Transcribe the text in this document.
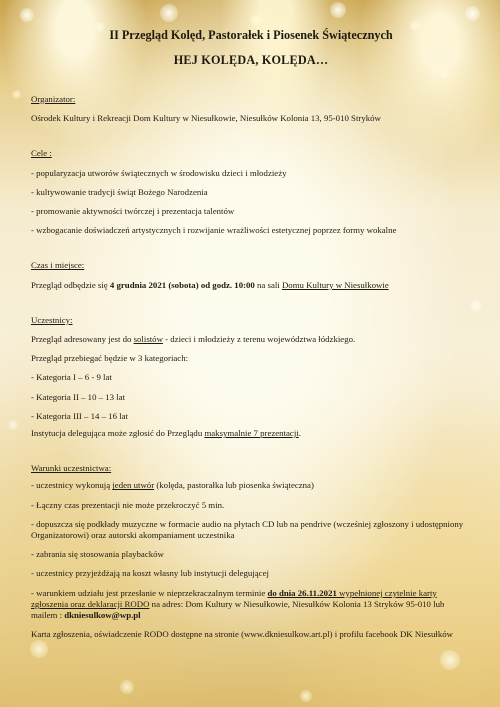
II Przegląd Kolęd, Pastorałek i Piosenek Świątecznych

HEJ KOLĘDA, KOLĘDA…

Organizator:

Ośrodek Kultury i Rekreacji Dom Kultury w Niesułkowie, Niesułków Kolonia 13, 95-010 Stryków

Cele :

- popularyzacja utworów świątecznych w środowisku dzieci i młodzieży

- kultywowanie tradycji świąt Bożego Narodzenia

- promowanie aktywności twórczej i prezentacja talentów

- wzbogacanie doświadczeń artystycznych i rozwijanie wrażliwości estetycznej poprzez formy wokalne

Czas i miejsce:

Przegląd odbędzie się 4 grudnia 2021 (sobota) od godz. 10:00 na sali Domu Kultury w Niesułkowie

Uczestnicy:

Przegląd adresowany jest do solistów - dzieci i młodzieży z terenu województwa łódzkiego.

Przegląd przebiegać będzie w 3 kategoriach:

- Kategoria I – 6 - 9 lat

- Kategoria II – 10 – 13 lat

- Kategoria III – 14 – 16 lat

Instytucja delegująca może zgłosić do Przeglądu maksymalnie 7 prezentacji.

Warunki uczestnictwa:

- uczestnicy wykonują jeden utwór (kolęda, pastorałka lub piosenka świąteczna)

- Łączny czas prezentacji nie może przekroczyć 5 min.

- dopuszcza się podkłady muzyczne w formacie audio na płytach CD lub na pendrive (wcześniej zgłoszony i udostępniony Organizatorowi) oraz autorski akompaniament uczestnika

- zabrania się stosowania playbacków

- uczestnicy przyjeżdżają na koszt własny lub instytucji delegującej

- warunkiem udziału jest przesłanie w nieprzekraczalnym terminie do dnia 26.11.2021 wypełnionej czytelnie karty zgłoszenia oraz deklaracji RODO na adres: Dom Kultury w Niesułkowie, Niesułków Kolonia 13 Stryków 95-010 lub mailem : dkniesulkow@wp.pl

Karta zgłoszenia, oświadczenie RODO dostępne na stronie (www.dkniesulkow.art.pl) i profilu facebook DK Niesułków
